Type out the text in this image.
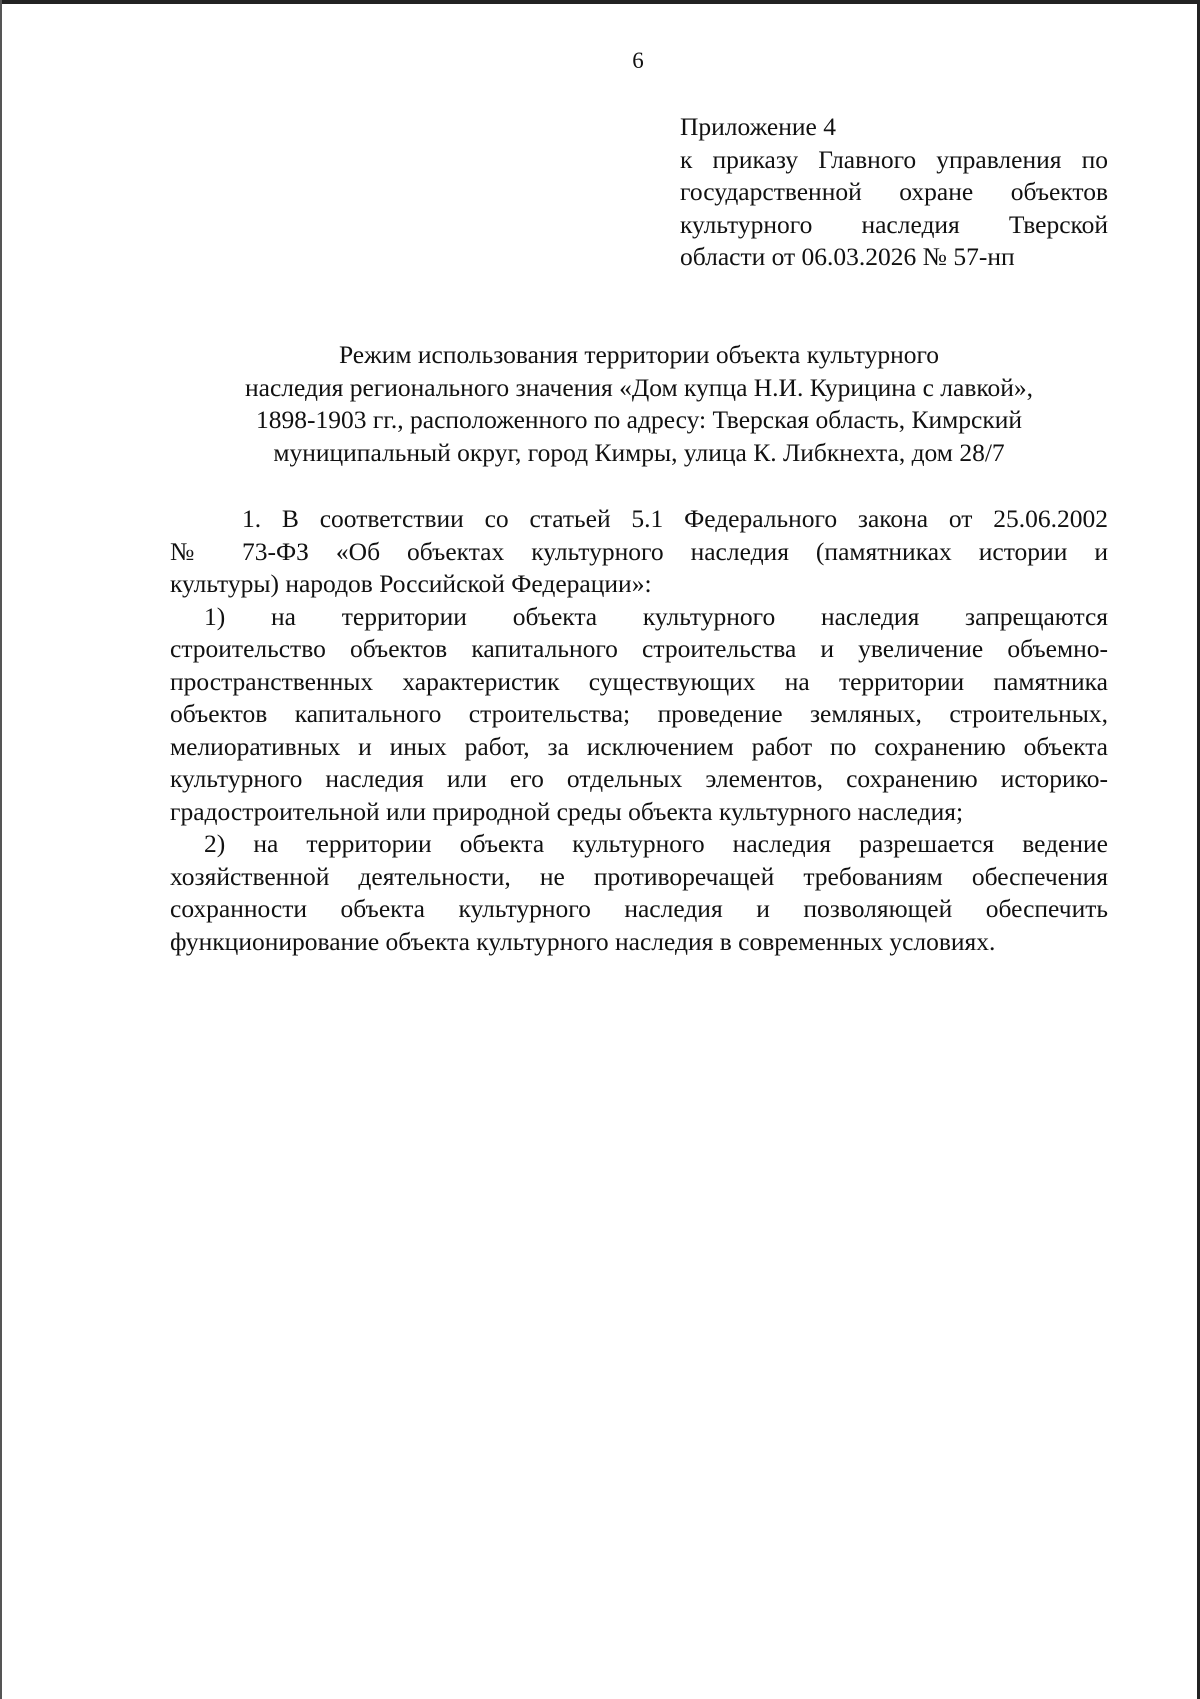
6
Приложение 4
к приказу Главного управления по
государственной охране объектов
культурного наследия Тверской
области от 06.03.2026 № 57-нп
Режим использования территории объекта культурного
наследия регионального значения «Дом купца Н.И. Курицина с лавкой»,
1898-1903 гг., расположенного по адресу: Тверская область, Кимрский
муниципальный округ, город Кимры, улица К. Либкнехта, дом 28/7
1. В соответствии со статьей 5.1 Федерального закона от 25.06.2002
№ 73-ФЗ «Об объектах культурного наследия (памятниках истории и
культуры) народов Российской Федерации»:
1) на территории объекта культурного наследия запрещаются
строительство объектов капитального строительства и увеличение объемно-
пространственных характеристик существующих на территории памятника
объектов капитального строительства; проведение земляных, строительных,
мелиоративных и иных работ, за исключением работ по сохранению объекта
культурного наследия или его отдельных элементов, сохранению историко-
градостроительной или природной среды объекта культурного наследия;
2) на территории объекта культурного наследия разрешается ведение
хозяйственной деятельности, не противоречащей требованиям обеспечения
сохранности объекта культурного наследия и позволяющей обеспечить
функционирование объекта культурного наследия в современных условиях.
